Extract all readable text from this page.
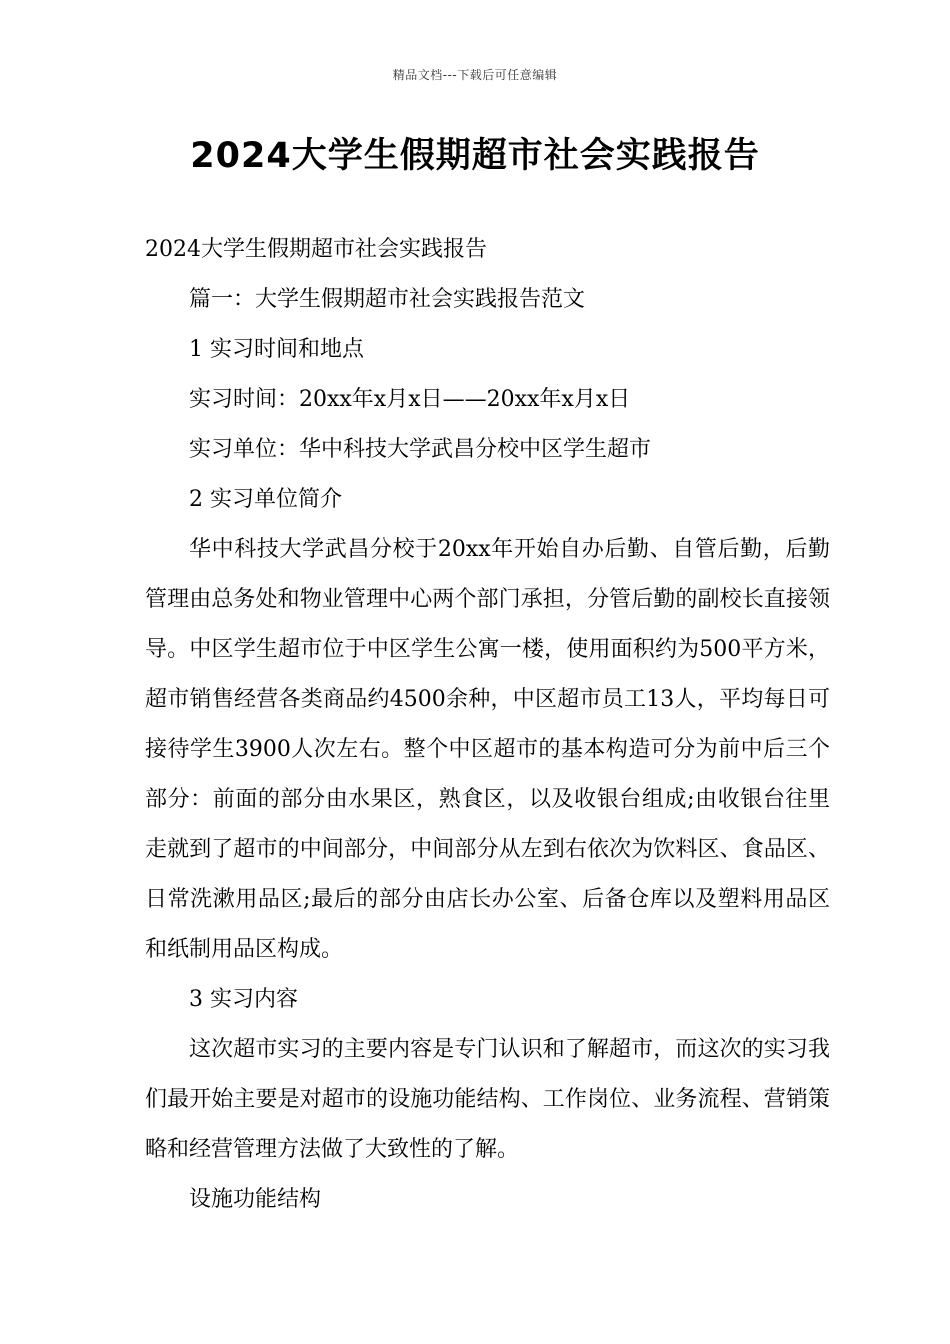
精品文档---下载后可任意编辑
2024大学生假期超市社会实践报告

2024大学生假期超市社会实践报告

篇一：大学生假期超市社会实践报告范文

1 实习时间和地点

实习时间：20xx年x月x日——20xx年x月x日

实习单位：华中科技大学武昌分校中区学生超市

2 实习单位简介

华中科技大学武昌分校于20xx年开始自办后勤、自管后勤，后勤管理由总务处和物业管理中心两个部门承担，分管后勤的副校长直接领导。中区学生超市位于中区学生公寓一楼，使用面积约为500平方米，超市销售经营各类商品约4500余种，中区超市员工13人，平均每日可接待学生3900人次左右。整个中区超市的基本构造可分为前中后三个部分：前面的部分由水果区，熟食区，以及收银台组成;由收银台往里走就到了超市的中间部分，中间部分从左到右依次为饮料区、食品区、日常洗漱用品区;最后的部分由店长办公室、后备仓库以及塑料用品区和纸制用品区构成。

3 实习内容

这次超市实习的主要内容是专门认识和了解超市，而这次的实习我们最开始主要是对超市的设施功能结构、工作岗位、业务流程、营销策略和经营管理方法做了大致性的了解。

设施功能结构
